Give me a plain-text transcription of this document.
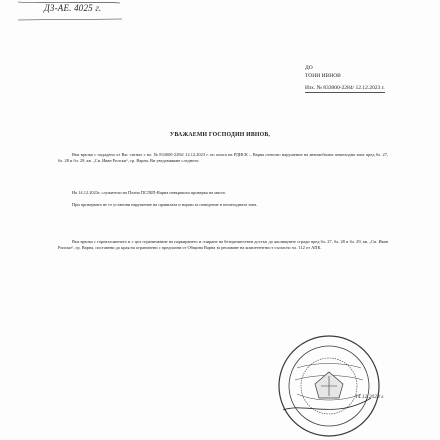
ДЗ-АЕ. 4025 г.
ДО
ТОНИ ИВНОВ
Изх. № 833000-2284/ 12.12.2023 г.
УВАЖАЕМИ ГОСПОДИН ИВНОВ,
Във връзка с подадено от Вас сигнал с вх. № 833000-2284/ 12.12.2023 г. по описа на РДНСК – Варна относно нарушение на автомобилна пешеходна зона пред бл. 27, бл. 28 и бл. 29, кв. „Св. Иван Рилски“, гр. Варна, Ви уведомяваме следното:
На 14.12.2023г. служители на Пътна ПСЛБП-Варна извършиха проверка на място.
При проверката не се установи нарушение на правилата и норми за поведение в пешеходната зона.
Във връзка с гореизложеното и с цел ограничаване на паркирането и спиране на безпрепятствен достъп до жилищните сгради пред бл. 27, бл. 28 и бл. 29, кв. „Св. Иван Рилски“, гр. Варна, поставени до края на ограничени с предпазни от Община Варна за решаване на компетентност съгласно чл. 112 от АПК.
14.12.2023 г.
